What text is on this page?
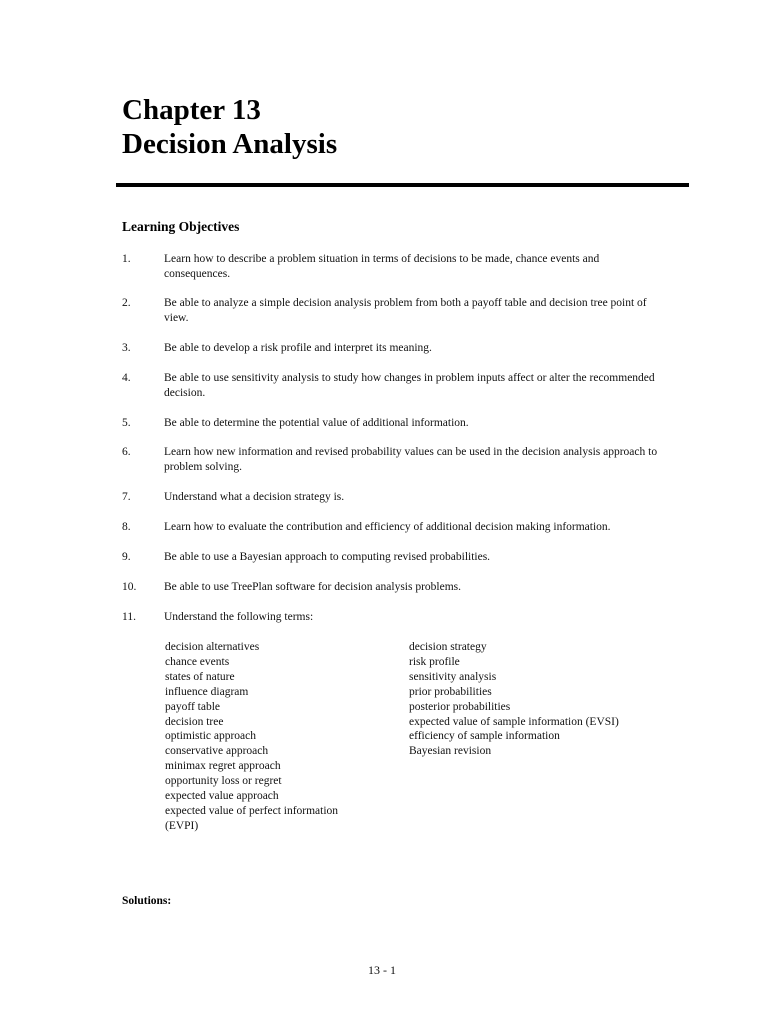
Chapter 13
Decision Analysis
Learning Objectives
1.	Learn how to describe a problem situation in terms of decisions to be made, chance events and consequences.
2.	Be able to analyze a simple decision analysis problem from both a payoff table and decision tree point of view.
3.	Be able to develop a risk profile and interpret its meaning.
4.	Be able to use sensitivity analysis to study how changes in problem inputs affect or alter the recommended decision.
5.	Be able to determine the potential value of additional information.
6.	Learn how new information and revised probability values can be used in the decision analysis approach to problem solving.
7.	Understand what a decision strategy is.
8.	Learn how to evaluate the contribution and efficiency of additional decision making information.
9.	Be able to use a Bayesian approach to computing revised probabilities.
10. Be able to use TreePlan software for decision analysis problems.
11. Understand the following terms:
decision alternatives
chance events
states of nature
influence diagram
payoff table
decision tree
optimistic approach
conservative approach
minimax regret approach
opportunity loss or regret
expected value approach
expected value of perfect information
(EVPI)
decision strategy
risk profile
sensitivity analysis
prior probabilities
posterior probabilities
expected value of sample information (EVSI)
efficiency of sample information
Bayesian revision
Solutions:
13 - 1
